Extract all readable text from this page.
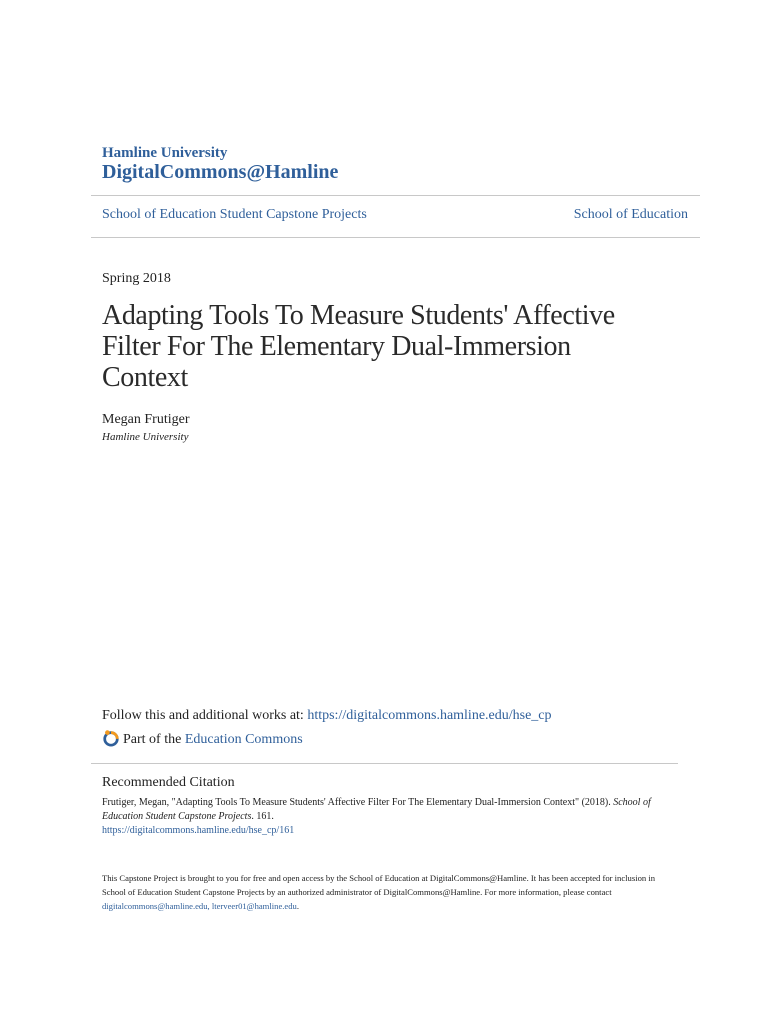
Hamline University
DigitalCommons@Hamline
School of Education Student Capstone Projects	School of Education
Spring 2018
Adapting Tools To Measure Students' Affective Filter For The Elementary Dual-Immersion Context
Megan Frutiger
Hamline University
Follow this and additional works at: https://digitalcommons.hamline.edu/hse_cp
Part of the
Education Commons
Recommended Citation
Frutiger, Megan, "Adapting Tools To Measure Students' Affective Filter For The Elementary Dual-Immersion Context" (2018). School of Education Student Capstone Projects. 161.
https://digitalcommons.hamline.edu/hse_cp/161
This Capstone Project is brought to you for free and open access by the School of Education at DigitalCommons@Hamline. It has been accepted for inclusion in School of Education Student Capstone Projects by an authorized administrator of DigitalCommons@Hamline. For more information, please contact digitalcommons@hamline.edu, lterveer01@hamline.edu.
